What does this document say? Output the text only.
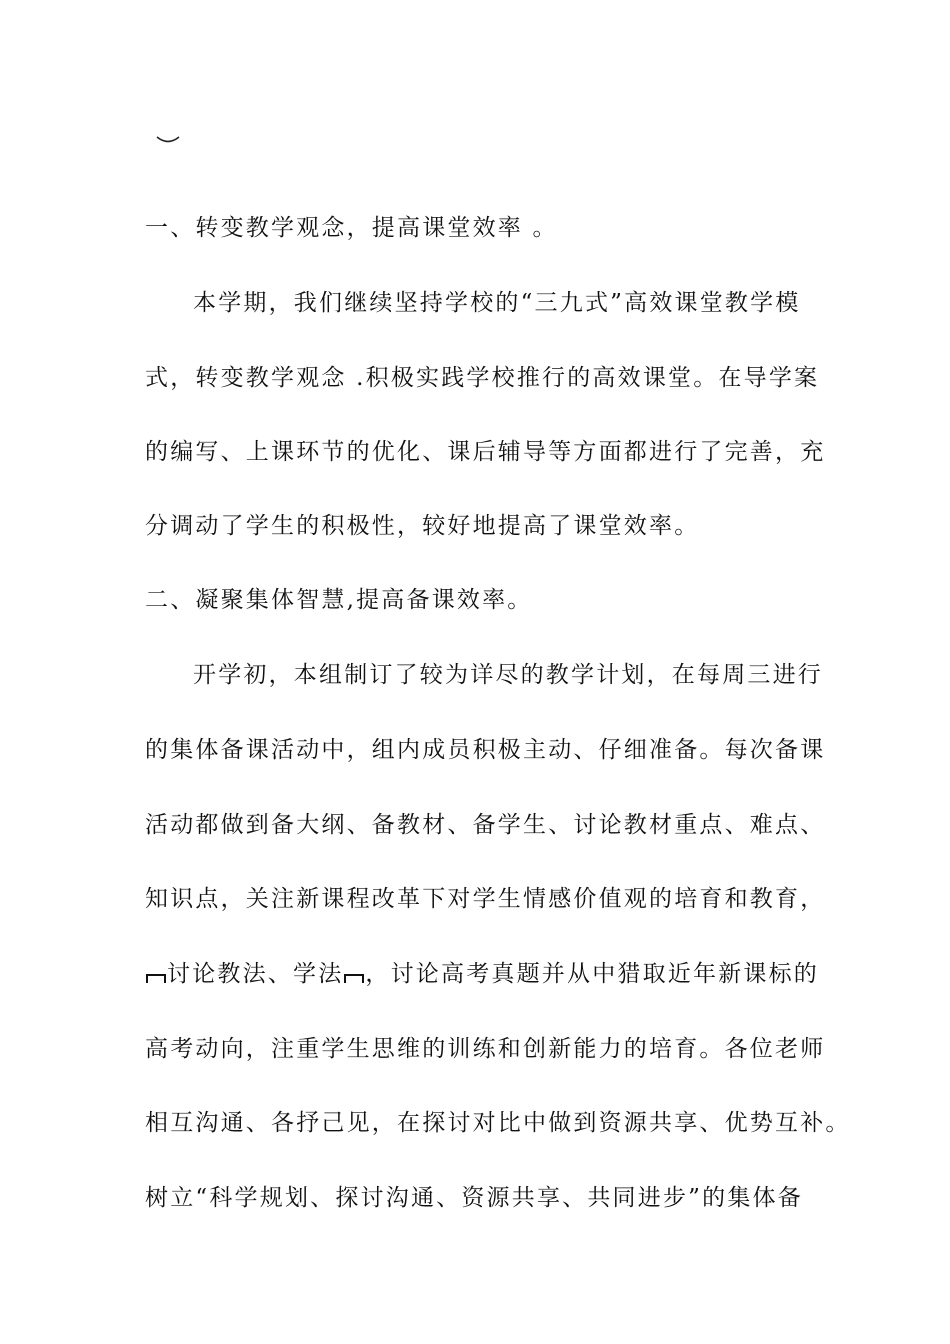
一、转变教学观念，提高课堂效率 。
本学期，我们继续坚持学校的“三九式”高效课堂教学模
式，转变教学观念 .积极实践学校推行的高效课堂。在导学案
的编写、上课环节的优化、课后辅导等方面都进行了完善，充
分调动了学生的积极性，较好地提高了课堂效率。
二、凝聚集体智慧,提高备课效率。
开学初，本组制订了较为详尽的教学计划，在每周三进行
的集体备课活动中，组内成员积极主动、仔细准备。每次备课
活动都做到备大纲、备教材、备学生、讨论教材重点、难点、
知识点，关注新课程改革下对学生情感价值观的培育和教育，
讨论教法、学法 ，讨论高考真题并从中猎取近年新课标的
高考动向，注重学生思维的训练和创新能力的培育。各位老师
相互沟通、各抒己见，在探讨对比中做到资源共享、优势互补。
树立“科学规划、探讨沟通、资源共享、共同进步”的集体备
